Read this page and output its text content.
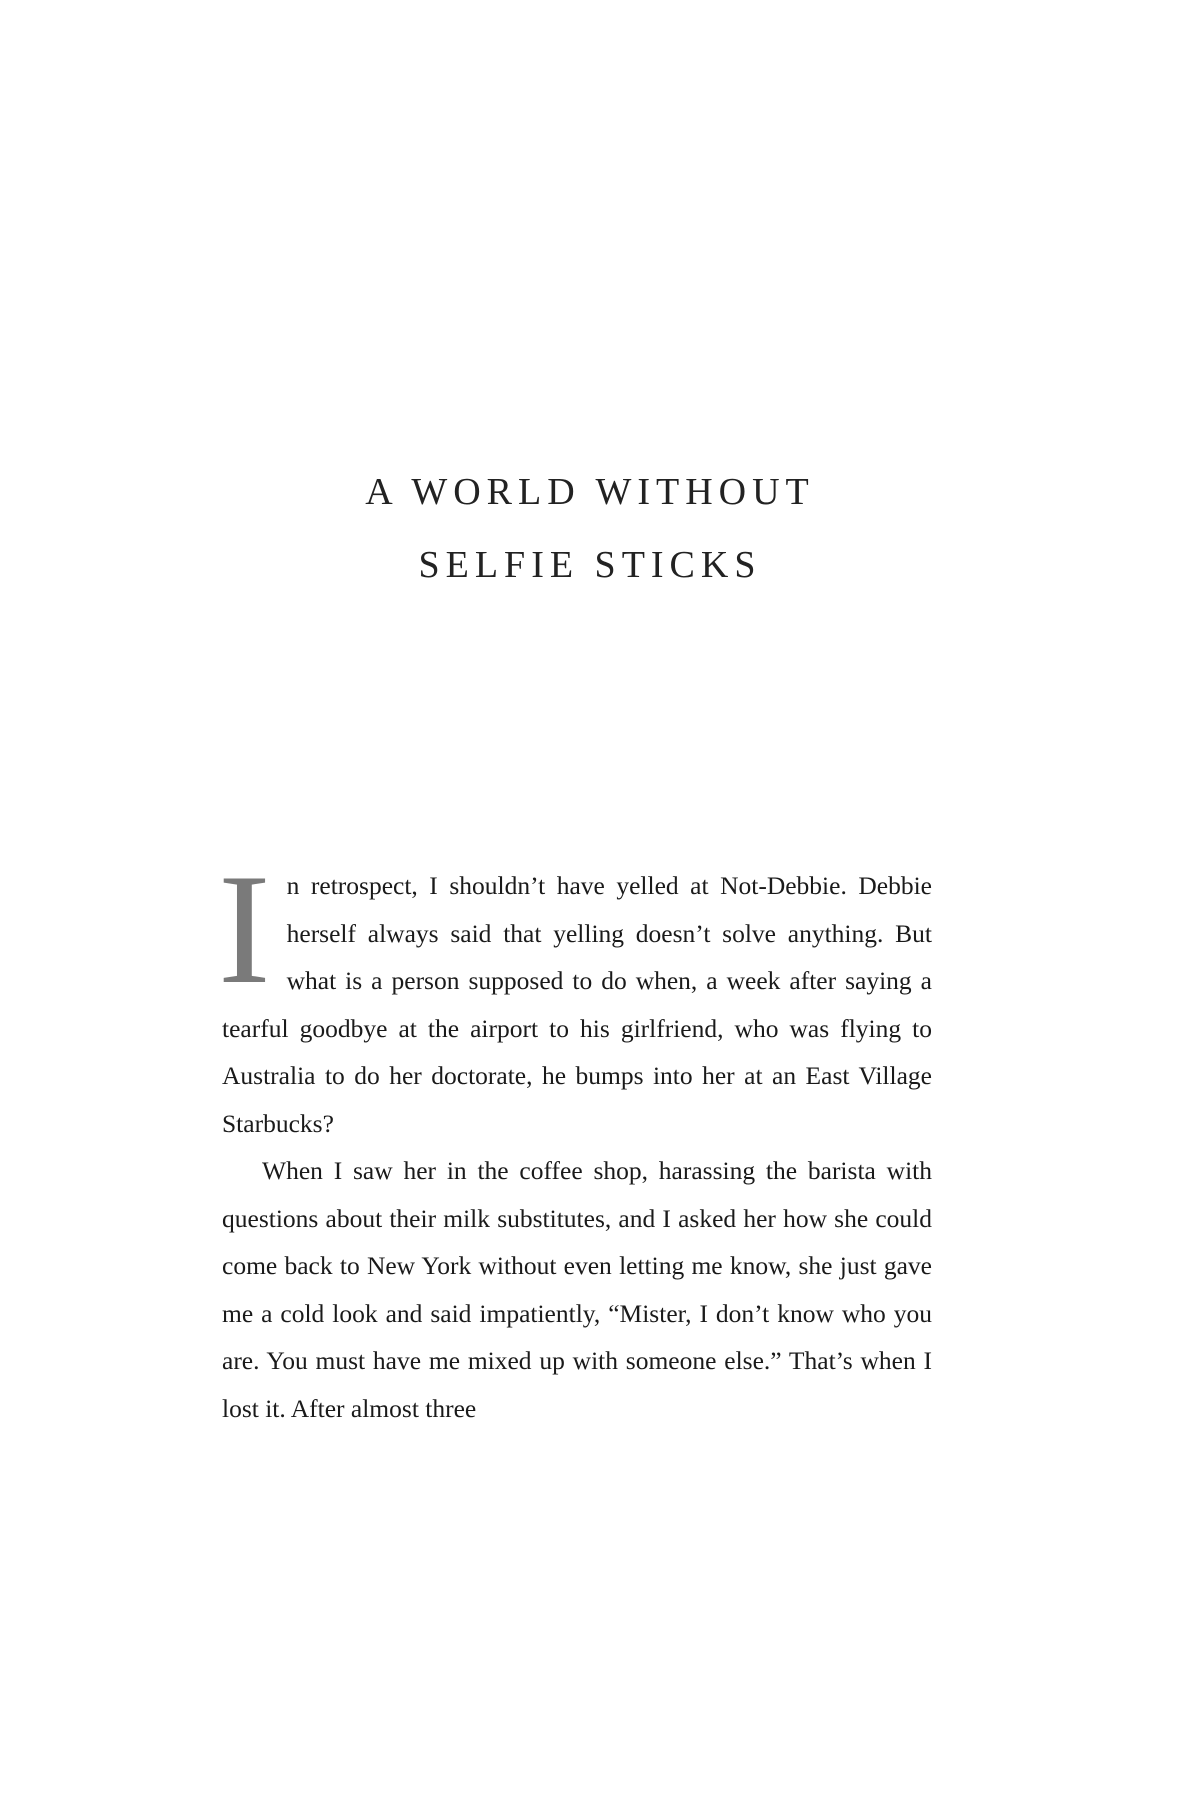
A WORLD WITHOUT
SELFIE STICKS

In retrospect, I shouldn’t have yelled at Not-Debbie. Debbie herself always said that yelling doesn’t solve anything. But what is a person supposed to do when, a week after saying a tearful goodbye at the airport to his girlfriend, who was flying to Australia to do her doctorate, he bumps into her at an East Village Starbucks?

When I saw her in the coffee shop, harassing the barista with questions about their milk substitutes, and I asked her how she could come back to New York without even letting me know, she just gave me a cold look and said impatiently, “Mister, I don’t know who you are. You must have me mixed up with someone else.” That’s when I lost it. After almost three
